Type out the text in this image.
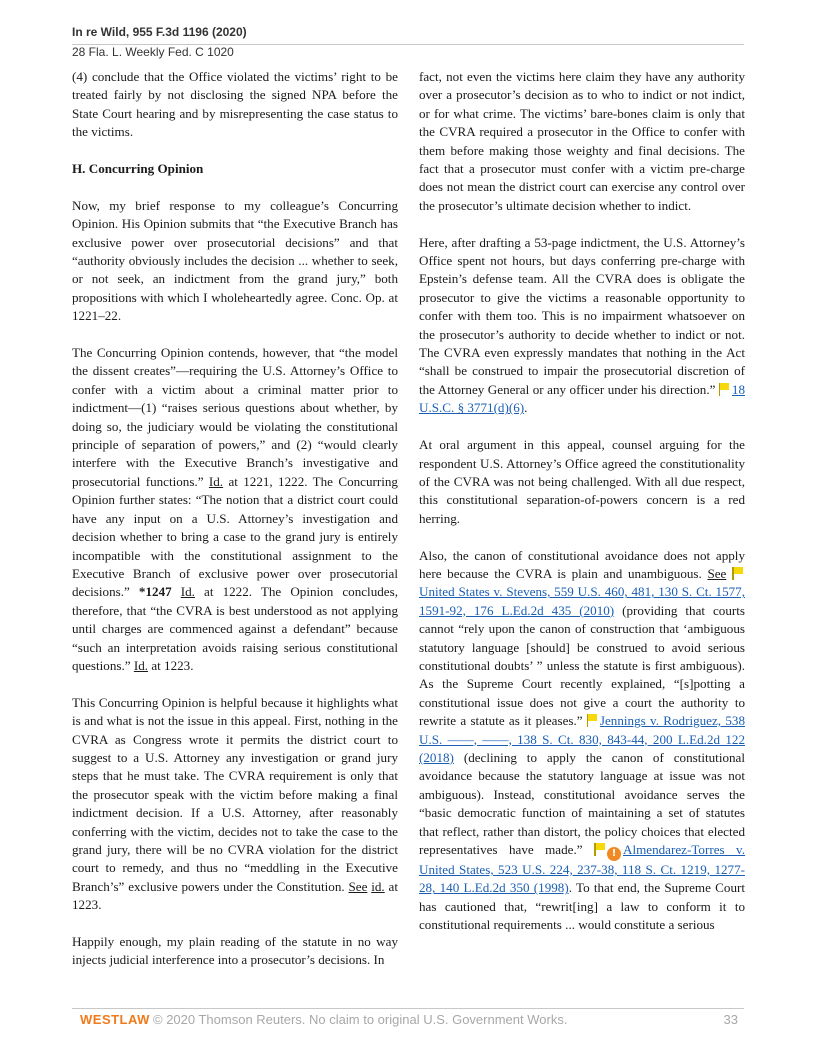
In re Wild, 955 F.3d 1196 (2020)
28 Fla. L. Weekly Fed. C 1020

(4) conclude that the Office violated the victims’ right to be treated fairly by not disclosing the signed NPA before the State Court hearing and by misrepresenting the case status to the victims.

H. Concurring Opinion

Now, my brief response to my colleague’s Concurring Opinion. His Opinion submits that “the Executive Branch has exclusive power over prosecutorial decisions” and that “authority obviously includes the decision ... whether to seek, or not seek, an indictment from the grand jury,” both propositions with which I wholeheartedly agree. Conc. Op. at 1221–22.

The Concurring Opinion contends, however, that “the model the dissent creates”—requiring the U.S. Attorney’s Office to confer with a victim about a criminal matter prior to indictment—(1) “raises serious questions about whether, by doing so, the judiciary would be violating the constitutional principle of separation of powers,” and (2) “would clearly interfere with the Executive Branch’s investigative and prosecutorial functions.” Id. at 1221, 1222. The Concurring Opinion further states: “The notion that a district court could have any input on a U.S. Attorney’s investigation and decision whether to bring a case to the grand jury is entirely incompatible with the constitutional assignment to the Executive Branch of exclusive power over prosecutorial decisions.” *1247 Id. at 1222. The Opinion concludes, therefore, that “the CVRA is best understood as not applying until charges are commenced against a defendant” because “such an interpretation avoids raising serious constitutional questions.” Id. at 1223.

This Concurring Opinion is helpful because it highlights what is and what is not the issue in this appeal. First, nothing in the CVRA as Congress wrote it permits the district court to suggest to a U.S. Attorney any investigation or grand jury steps that he must take. The CVRA requirement is only that the prosecutor speak with the victim before making a final indictment decision. If a U.S. Attorney, after reasonably conferring with the victim, decides not to take the case to the grand jury, there will be no CVRA violation for the district court to remedy, and thus no “meddling in the Executive Branch’s” exclusive powers under the Constitution. See id. at 1223.

Happily enough, my plain reading of the statute in no way injects judicial interference into a prosecutor’s decisions. In

fact, not even the victims here claim they have any authority over a prosecutor’s decision as to who to indict or not indict, or for what crime. The victims’ bare-bones claim is only that the CVRA required a prosecutor in the Office to confer with them before making those weighty and final decisions. The fact that a prosecutor must confer with a victim pre-charge does not mean the district court can exercise any control over the prosecutor’s ultimate decision whether to indict.

Here, after drafting a 53-page indictment, the U.S. Attorney’s Office spent not hours, but days conferring pre-charge with Epstein’s defense team. All the CVRA does is obligate the prosecutor to give the victims a reasonable opportunity to confer with them too. This is no impairment whatsoever on the prosecutor’s authority to decide whether to indict or not. The CVRA even expressly mandates that nothing in the Act “shall be construed to impair the prosecutorial discretion of the Attorney General or any officer under his direction.” 18 U.S.C. § 3771(d)(6).

At oral argument in this appeal, counsel arguing for the respondent U.S. Attorney’s Office agreed the constitutionality of the CVRA was not being challenged. With all due respect, this constitutional separation-of-powers concern is a red herring.

Also, the canon of constitutional avoidance does not apply here because the CVRA is plain and unambiguous. See United States v. Stevens, 559 U.S. 460, 481, 130 S. Ct. 1577, 1591-92, 176 L.Ed.2d 435 (2010) (providing that courts cannot “rely upon the canon of construction that ‘ambiguous statutory language [should] be construed to avoid serious constitutional doubts’ ” unless the statute is first ambiguous). As the Supreme Court recently explained, “[s]potting a constitutional issue does not give a court the authority to rewrite a statute as it pleases.” Jennings v. Rodriguez, 538 U.S. ––––, ––––, 138 S. Ct. 830, 843-44, 200 L.Ed.2d 122 (2018) (declining to apply the canon of constitutional avoidance because the statutory language at issue was not ambiguous). Instead, constitutional avoidance serves the “basic democratic function of maintaining a set of statutes that reflect, rather than distort, the policy choices that elected representatives have made.”	! Almendarez-Torres v. United States, 523 U.S. 224, 237-38, 118 S. Ct. 1219, 1277-28, 140 L.Ed.2d 350 (1998). To that end, the Supreme Court has cautioned that, “rewrit[ing] a law to conform it to constitutional requirements ... would constitute a serious

WESTLAW © 2020 Thomson Reuters. No claim to original U.S. Government Works.	33
